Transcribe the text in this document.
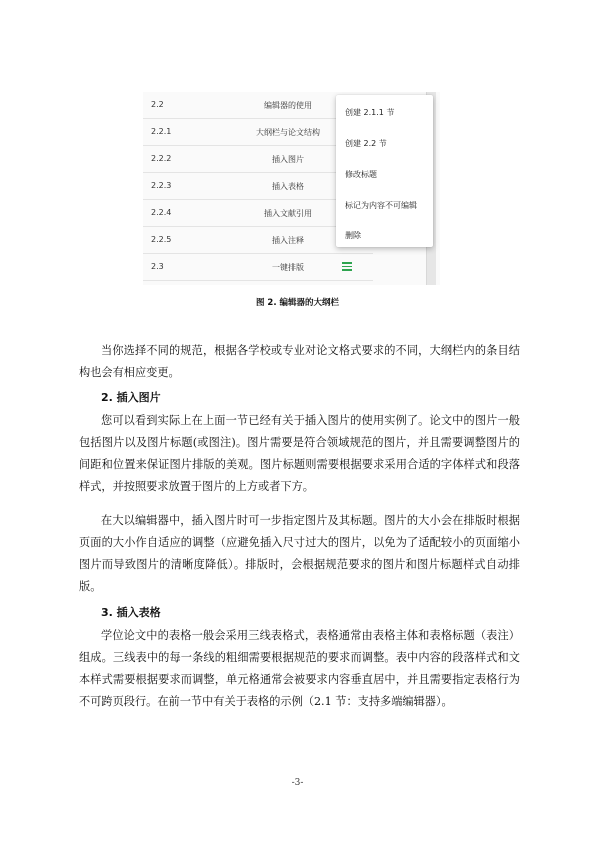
2.2	编辑器的使用
2.2.1	大纲栏与论文结构
2.2.2	插入图片
2.2.3	插入表格
2.2.4	插入文献引用
2.2.5	插入注释
2.3	一键排版
创建 2.1.1 节
创建 2.2 节
修改标题
标记为内容不可编辑
删除
图 2. 编辑器的大纲栏

当你选择不同的规范，根据各学校或专业对论文格式要求的不同，大纲栏内的条目结构也会有相应变更。

2. 插入图片

您可以看到实际上在上面一节已经有关于插入图片的使用实例了。论文中的图片一般包括图片以及图片标题(或图注)。图片需要是符合领域规范的图片，并且需要调整图片的间距和位置来保证图片排版的美观。图片标题则需要根据要求采用合适的字体样式和段落样式，并按照要求放置于图片的上方或者下方。

在大以编辑器中，插入图片时可一步指定图片及其标题。图片的大小会在排版时根据页面的大小作自适应的调整（应避免插入尺寸过大的图片，以免为了适配较小的页面缩小图片而导致图片的清晰度降低）。排版时，会根据规范要求的图片和图片标题样式自动排版。

3. 插入表格

学位论文中的表格一般会采用三线表格式，表格通常由表格主体和表格标题（表注）组成。三线表中的每一条线的粗细需要根据规范的要求而调整。表中内容的段落样式和文本样式需要根据要求而调整，单元格通常会被要求内容垂直居中，并且需要指定表格行为不可跨页段行。在前一节中有关于表格的示例（2.1 节：支持多端编辑器）。

-3-
